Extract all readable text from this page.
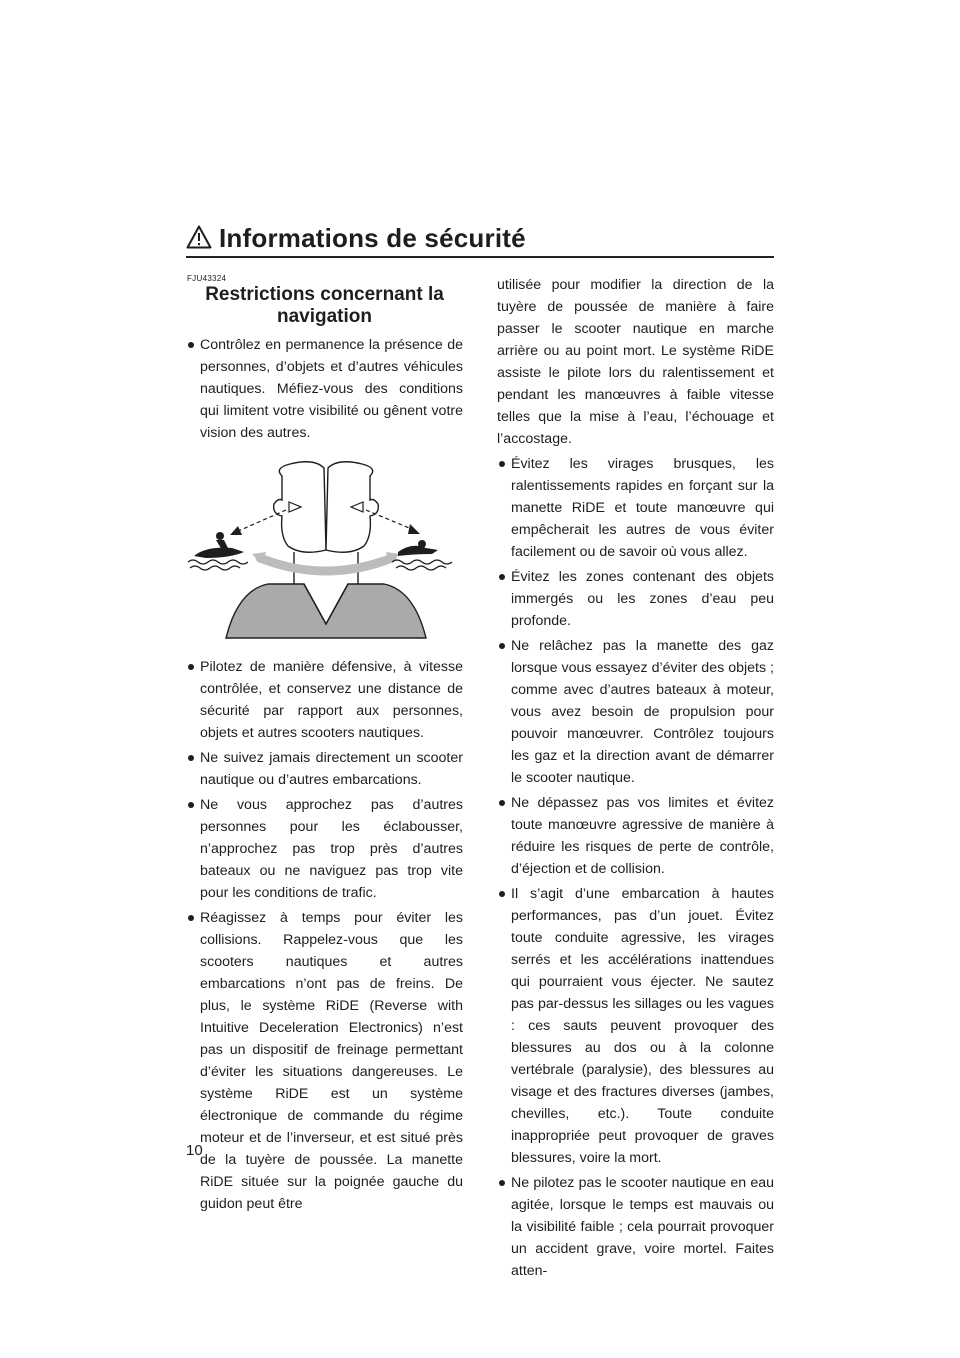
Informations de sécurité
FJU43324
Restrictions concernant la navigation
Contrôlez en permanence la présence de personnes, d’objets et d’autres véhicules nautiques. Méfiez-vous des conditions qui limitent votre visibilité ou gênent votre vision des autres.
Pilotez de manière défensive, à vitesse contrôlée, et conservez une distance de sécurité par rapport aux personnes, objets et autres scooters nautiques.
Ne suivez jamais directement un scooter nautique ou d’autres embarcations.
Ne vous approchez pas d’autres personnes pour les éclabousser, n’approchez pas trop près d’autres bateaux ou ne naviguez pas trop vite pour les conditions de trafic.
Réagissez à temps pour éviter les collisions. Rappelez-vous que les scooters nautiques et autres embarcations n’ont pas de freins. De plus, le système RiDE (Reverse with Intuitive Deceleration Electronics) n’est pas un dispositif de freinage permettant d’éviter les situations dangereuses. Le système RiDE est un système électronique de commande du régime moteur et de l’inverseur, et est situé près de la tuyère de poussée. La manette RiDE située sur la poignée gauche du guidon peut être
utilisée pour modifier la direction de la tuyère de poussée de manière à faire passer le scooter nautique en marche arrière ou au point mort. Le système RiDE assiste le pilote lors du ralentissement et pendant les manœuvres à faible vitesse telles que la mise à l’eau, l’échouage et l’accostage.
Évitez les virages brusques, les ralentissements rapides en forçant sur la manette RiDE et toute manœuvre qui empêcherait les autres de vous éviter facilement ou de savoir où vous allez.
Évitez les zones contenant des objets immergés ou les zones d’eau peu profonde.
Ne relâchez pas la manette des gaz lorsque vous essayez d’éviter des objets ; comme avec d’autres bateaux à moteur, vous avez besoin de propulsion pour pouvoir manœuvrer. Contrôlez toujours les gaz et la direction avant de démarrer le scooter nautique.
Ne dépassez pas vos limites et évitez toute manœuvre agressive de manière à réduire les risques de perte de contrôle, d’éjection et de collision.
Il s’agit d’une embarcation à hautes performances, pas d’un jouet. Évitez toute conduite agressive, les virages serrés et les accélérations inattendues qui pourraient vous éjecter. Ne sautez pas par-dessus les sillages ou les vagues : ces sauts peuvent provoquer des blessures au dos ou à la colonne vertébrale (paralysie), des blessures au visage et des fractures diverses (jambes, chevilles, etc.). Toute conduite inappropriée peut provoquer de graves blessures, voire la mort.
Ne pilotez pas le scooter nautique en eau agitée, lorsque le temps est mauvais ou la visibilité faible ; cela pourrait provoquer un accident grave, voire mortel. Faites atten-
10
